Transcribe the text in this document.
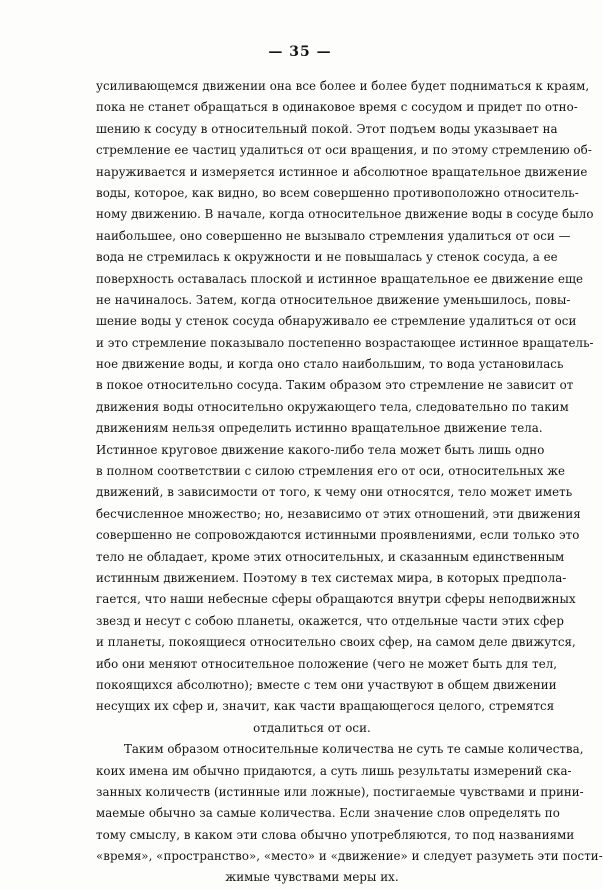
— 35 —
усиливающемся движении она все более и более будет подниматься к краям,
пока не станет обращаться в одинаковое время с сосудом и придет по отно-
шению к сосуду в относительный покой. Этот подъем воды указывает на
стремление ее частиц удалиться от оси вращения, и по этому стремлению об-
наруживается и измеряется истинное и абсолютное вращательное движение
воды, которое, как видно, во всем совершенно противоположно относитель-
ному движению. В начале, когда относительное движение воды в сосуде было
наибольшее, оно совершенно не вызывало стремления удалиться от оси —
вода не стремилась к окружности и не повышалась у стенок сосуда, а ее
поверхность оставалась плоской и истинное вращательное ее движение еще
не начиналось. Затем, когда относительное движение уменьшилось, повы-
шение воды у стенок сосуда обнаруживало ее стремление удалиться от оси
и это стремление показывало постепенно возрастающее истинное вращатель-
ное движение воды, и когда оно стало наибольшим, то вода установилась
в покое относительно сосуда. Таким образом это стремление не зависит от
движения воды относительно окружающего тела, следовательно по таким
движениям нельзя определить истинно вращательное движение тела.
Истинное круговое движение какого-либо тела может быть лишь одно
в полном соответствии с силою стремления его от оси, относительных же
движений, в зависимости от того, к чему они относятся, тело может иметь
бесчисленное множество; но, независимо от этих отношений, эти движения
совершенно не сопровождаются истинными проявлениями, если только это
тело не обладает, кроме этих относительных, и сказанным единственным
истинным движением. Поэтому в тех системах мира, в которых предпола-
гается, что наши небесные сферы обращаются внутри сферы неподвижных
звезд и несут с собою планеты, окажется, что отдельные части этих сфер
и планеты, покоящиеся относительно своих сфер, на самом деле движутся,
ибо они меняют относительное положение (чего не может быть для тел,
покоящихся абсолютно); вместе с тем они участвуют в общем движении
несущих их сфер и, значит, как части вращающегося целого, стремятся
отдалиться от оси.
Таким образом относительные количества не суть те самые количества,
коих имена им обычно придаются, а суть лишь результаты измерений ска-
занных количеств (истинные или ложные), постигаемые чувствами и прини-
маемые обычно за самые количества. Если значение слов определять по
тому смыслу, в каком эти слова обычно употребляются, то под названиями
«время», «пространство», «место» и «движение» и следует разуметь эти пости-
жимые чувствами меры их.
